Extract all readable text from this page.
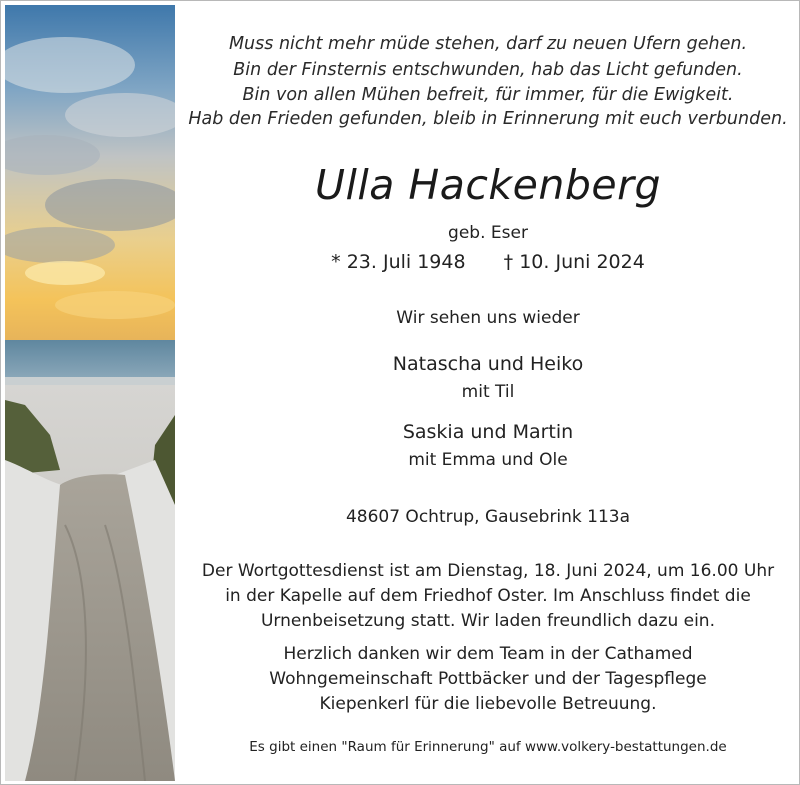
Muss nicht mehr müde stehen, darf zu neuen Ufern gehen.
Bin der Finsternis entschwunden, hab das Licht gefunden.
Bin von allen Mühen befreit, für immer, für die Ewigkeit.
Hab den Frieden gefunden, bleib in Erinnerung mit euch verbunden.
Ulla Hackenberg
geb. Eser
* 23. Juli 1948 † 10. Juni 2024
Wir sehen uns wieder
Natascha und Heiko
mit Til
Saskia und Martin
mit Emma und Ole
48607 Ochtrup, Gausebrink 113a
Der Wortgottesdienst ist am Dienstag, 18. Juni 2024, um 16.00 Uhr
in der Kapelle auf dem Friedhof Oster. Im Anschluss findet die
Urnenbeisetzung statt. Wir laden freundlich dazu ein.
Herzlich danken wir dem Team in der Cathamed
Wohngemeinschaft Pottbäcker und der Tagespflege
Kiepenkerl für die liebevolle Betreuung.
Es gibt einen "Raum für Erinnerung" auf www.volkery-bestattungen.de
